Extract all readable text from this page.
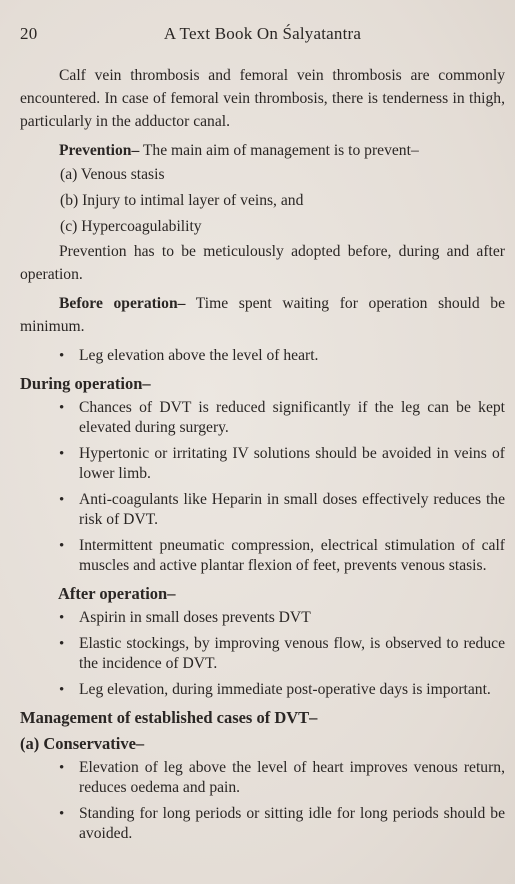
20	A Text Book On Śalyatantra

Calf vein thrombosis and femoral vein thrombosis are commonly encountered. In case of femoral vein thrombosis, there is tenderness in thigh, particularly in the adductor canal.

Prevention– The main aim of management is to prevent–

(a) Venous stasis
(b) Injury to intimal layer of veins, and
(c) Hypercoagulability

Prevention has to be meticulously adopted before, during and after operation.

Before operation– Time spent waiting for operation should be minimum.

• Leg elevation above the level of heart.
During operation–
• Chances of DVT is reduced significantly if the leg can be kept elevated during surgery.
• Hypertonic or irritating IV solutions should be avoided in veins of lower limb.
• Anti-coagulants like Heparin in small doses effectively reduces the risk of DVT.
• Intermittent pneumatic compression, electrical stimulation of calf muscles and active plantar flexion of feet, prevents venous stasis.
After operation–
• Aspirin in small doses prevents DVT
• Elastic stockings, by improving venous flow, is observed to reduce the incidence of DVT.
• Leg elevation, during immediate post-operative days is important.
Management of established cases of DVT–
(a) Conservative–
• Elevation of leg above the level of heart improves venous return, reduces oedema and pain.
• Standing for long periods or sitting idle for long periods should be avoided.
